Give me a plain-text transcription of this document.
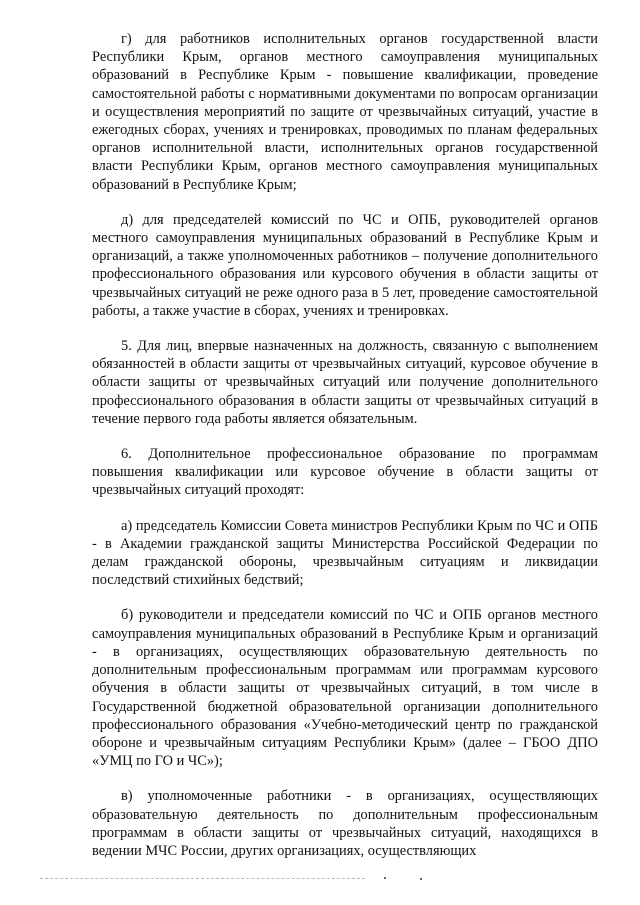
г) для работников исполнительных органов государственной власти Республики Крым, органов местного самоуправления муниципальных образований в Республике Крым - повышение квалификации, проведение самостоятельной работы с нормативными документами по вопросам организации и осуществления мероприятий по защите от чрезвычайных ситуаций, участие в ежегодных сборах, учениях и тренировках, проводимых по планам федеральных органов исполнительной власти, исполнительных органов государственной власти Республики Крым, органов местного самоуправления муниципальных образований в Республике Крым;

д) для председателей комиссий по ЧС и ОПБ, руководителей органов местного самоуправления муниципальных образований в Республике Крым и организаций, а также уполномоченных работников – получение дополнительного профессионального образования или курсового обучения в области защиты от чрезвычайных ситуаций не реже одного раза в 5 лет, проведение самостоятельной работы, а также участие в сборах, учениях и тренировках.

5. Для лиц, впервые назначенных на должность, связанную с выполнением обязанностей в области защиты от чрезвычайных ситуаций, курсовое обучение в области защиты от чрезвычайных ситуаций или получение дополнительного профессионального образования в области защиты от чрезвычайных ситуаций в течение первого года работы является обязательным.

6. Дополнительное профессиональное образование по программам повышения квалификации или курсовое обучение в области защиты от чрезвычайных ситуаций проходят:

а) председатель Комиссии Совета министров Республики Крым по ЧС и ОПБ - в Академии гражданской защиты Министерства Российской Федерации по делам гражданской обороны, чрезвычайным ситуациям и ликвидации последствий стихийных бедствий;

б) руководители и председатели комиссий по ЧС и ОПБ органов местного самоуправления муниципальных образований в Республике Крым и организаций - в организациях, осуществляющих образовательную деятельность по дополнительным профессиональным программам или программам курсового обучения в области защиты от чрезвычайных ситуаций, в том числе в Государственной бюджетной образовательной организации дополнительного профессионального образования «Учебно-методический центр по гражданской обороне и чрезвычайным ситуациям Республики Крым» (далее – ГБОО ДПО «УМЦ по ГО и ЧС»);

в) уполномоченные работники - в организациях, осуществляющих образовательную деятельность по дополнительным профессиональным программам в области защиты от чрезвычайных ситуаций, находящихся в ведении МЧС России, других организациях, осуществляющих
